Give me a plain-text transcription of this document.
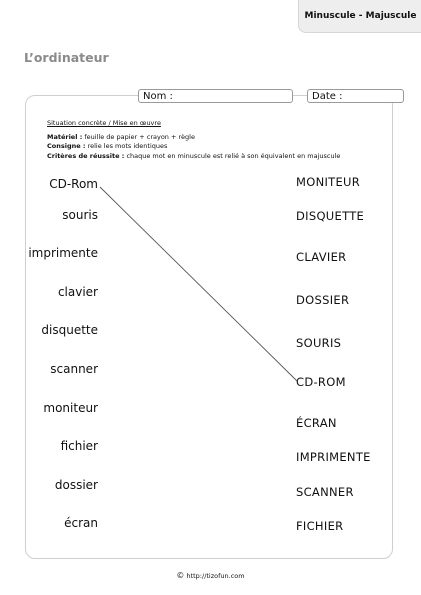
Minuscule - Majuscule
L’ordinateur
Nom :	Date :
Situation concrète / Mise en œuvre
Matériel : feuille de papier + crayon + règle
Consigne : relie les mots identiques
Critères de réussite : chaque mot en minuscule est relié à son équivalent en majuscule
CD-Rom
souris
imprimente
clavier
disquette
scanner
moniteur
fichier
dossier
écran
MONITEUR
DISQUETTE
CLAVIER
DOSSIER
SOURIS
CD-ROM
ÉCRAN
IMPRIMENTE
SCANNER
FICHIER
© http://tizofun.com
